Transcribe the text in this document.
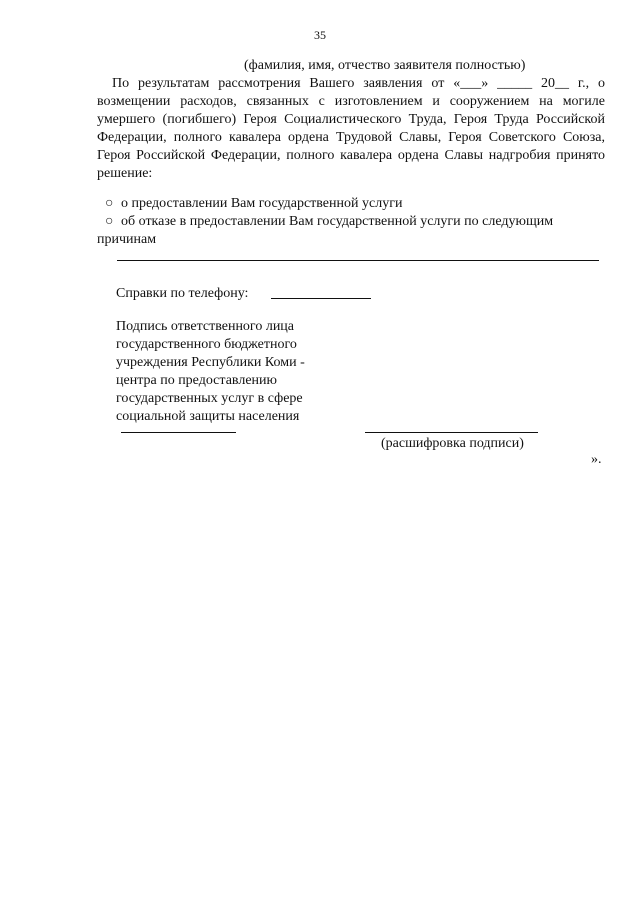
35
(фамилия, имя, отчество заявителя полностью)

По результатам рассмотрения Вашего заявления от «___» _____ 20__ г., о возмещении расходов, связанных с изготовлением и сооружением на могиле умершего (погибшего) Героя Социалистического Труда, Героя Труда Российской Федерации, полного кавалера ордена Трудовой Славы, Героя Советского Союза, Героя Российской Федерации, полного кавалера ордена Славы надгробия принято решение:

○ о предоставлении Вам государственной услуги
○ об отказе в предоставлении Вам государственной услуги по следующим
причинам
Справки по телефону:
Подпись ответственного лица
государственного бюджетного
учреждения Республики Коми -
центра по предоставлению
государственных услуг в сфере
социальной защиты населения
(расшифровка подписи)
».
